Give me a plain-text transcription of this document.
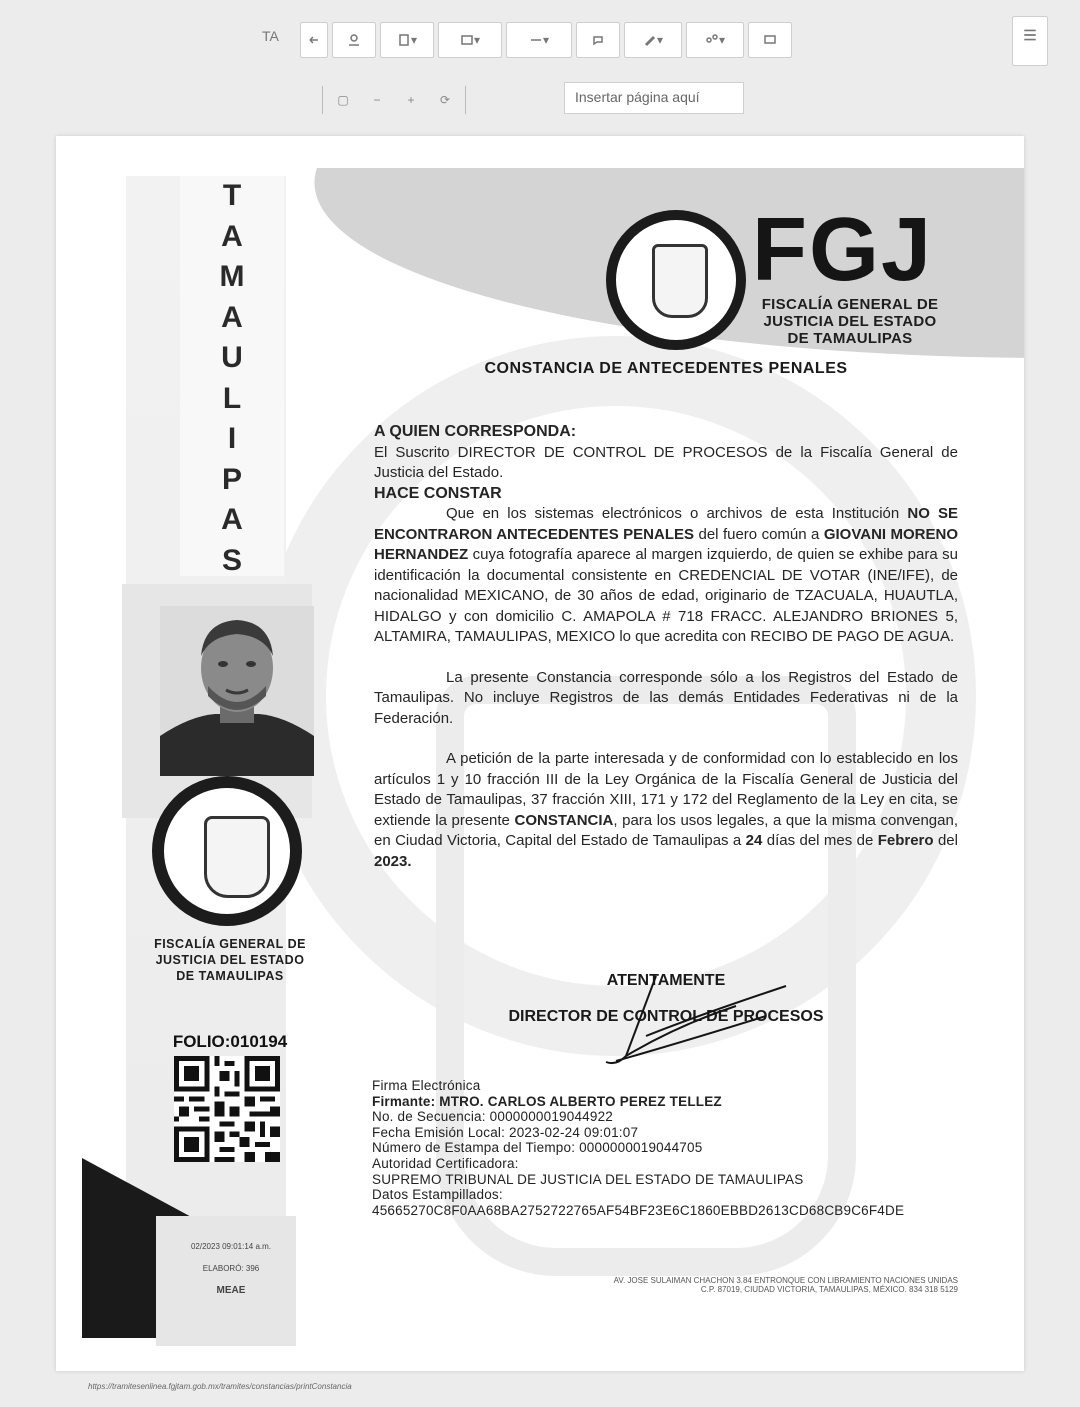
TA	▾	▾	▾	▾	▾
▢ − + ⟳	Insertar página aquí
T
A
M
A
U
L
I
P
A
S
FISCALÍA GENERAL DE
JUSTICIA DEL ESTADO
DE TAMAULIPAS
FOLIO:010194
02/2023 09:01:14 a.m.
ELABORÓ: 396
MEAE
FGJ
FISCALÍA GENERAL DE
JUSTICIA DEL ESTADO
DE TAMAULIPAS
CONSTANCIA DE ANTECEDENTES PENALES

A QUIEN CORRESPONDA:

El Suscrito DIRECTOR DE CONTROL DE PROCESOS de la Fiscalía General de Justicia del Estado.

HACE CONSTAR

Que en los sistemas electrónicos o archivos de esta Institución NO SE ENCONTRARON ANTECEDENTES PENALES del fuero común a GIOVANI MORENO HERNANDEZ cuya fotografía aparece al margen izquierdo, de quien se exhibe para su identificación la documental consistente en CREDENCIAL DE VOTAR (INE/IFE), de nacionalidad MEXICANO, de 30 años de edad, originario de TZACUALA, HUAUTLA, HIDALGO y con domicilio C. AMAPOLA # 718 FRACC. ALEJANDRO BRIONES 5, ALTAMIRA, TAMAULIPAS, MEXICO lo que acredita con RECIBO DE PAGO DE AGUA.

La presente Constancia corresponde sólo a los Registros del Estado de Tamaulipas. No incluye Registros de las demás Entidades Federativas ni de la Federación.

A petición de la parte interesada y de conformidad con lo establecido en los artículos 1 y 10 fracción III de la Ley Orgánica de la Fiscalía General de Justicia del Estado de Tamaulipas, 37 fracción XIII, 171 y 172 del Reglamento de la Ley en cita, se extiende la presente CONSTANCIA, para los usos legales, a que la misma convengan, en Ciudad Victoria, Capital del Estado de Tamaulipas a 24 días del mes de Febrero del 2023.

ATENTAMENTE
DIRECTOR DE CONTROL DE PROCESOS
Firma Electrónica
Firmante: MTRO. CARLOS ALBERTO PEREZ TELLEZ
No. de Secuencia: 0000000019044922
Fecha Emisión Local: 2023-02-24 09:01:07
Número de Estampa del Tiempo: 0000000019044705
Autoridad Certificadora:
SUPREMO TRIBUNAL DE JUSTICIA DEL ESTADO DE TAMAULIPAS
Datos Estampillados:
45665270C8F0AA68BA2752722765AF54BF23E6C1860EBBD2613CD68CB9C6F4DE
AV. JOSE SULAIMAN CHACHON 3.84 ENTRONQUE CON LIBRAMIENTO NACIONES UNIDAS
C.P. 87019, CIUDAD VICTORIA, TAMAULIPAS, MÉXICO. 834 318 5129
https://tramitesenlinea.fgjtam.gob.mx/tramites/constancias/printConstancia
